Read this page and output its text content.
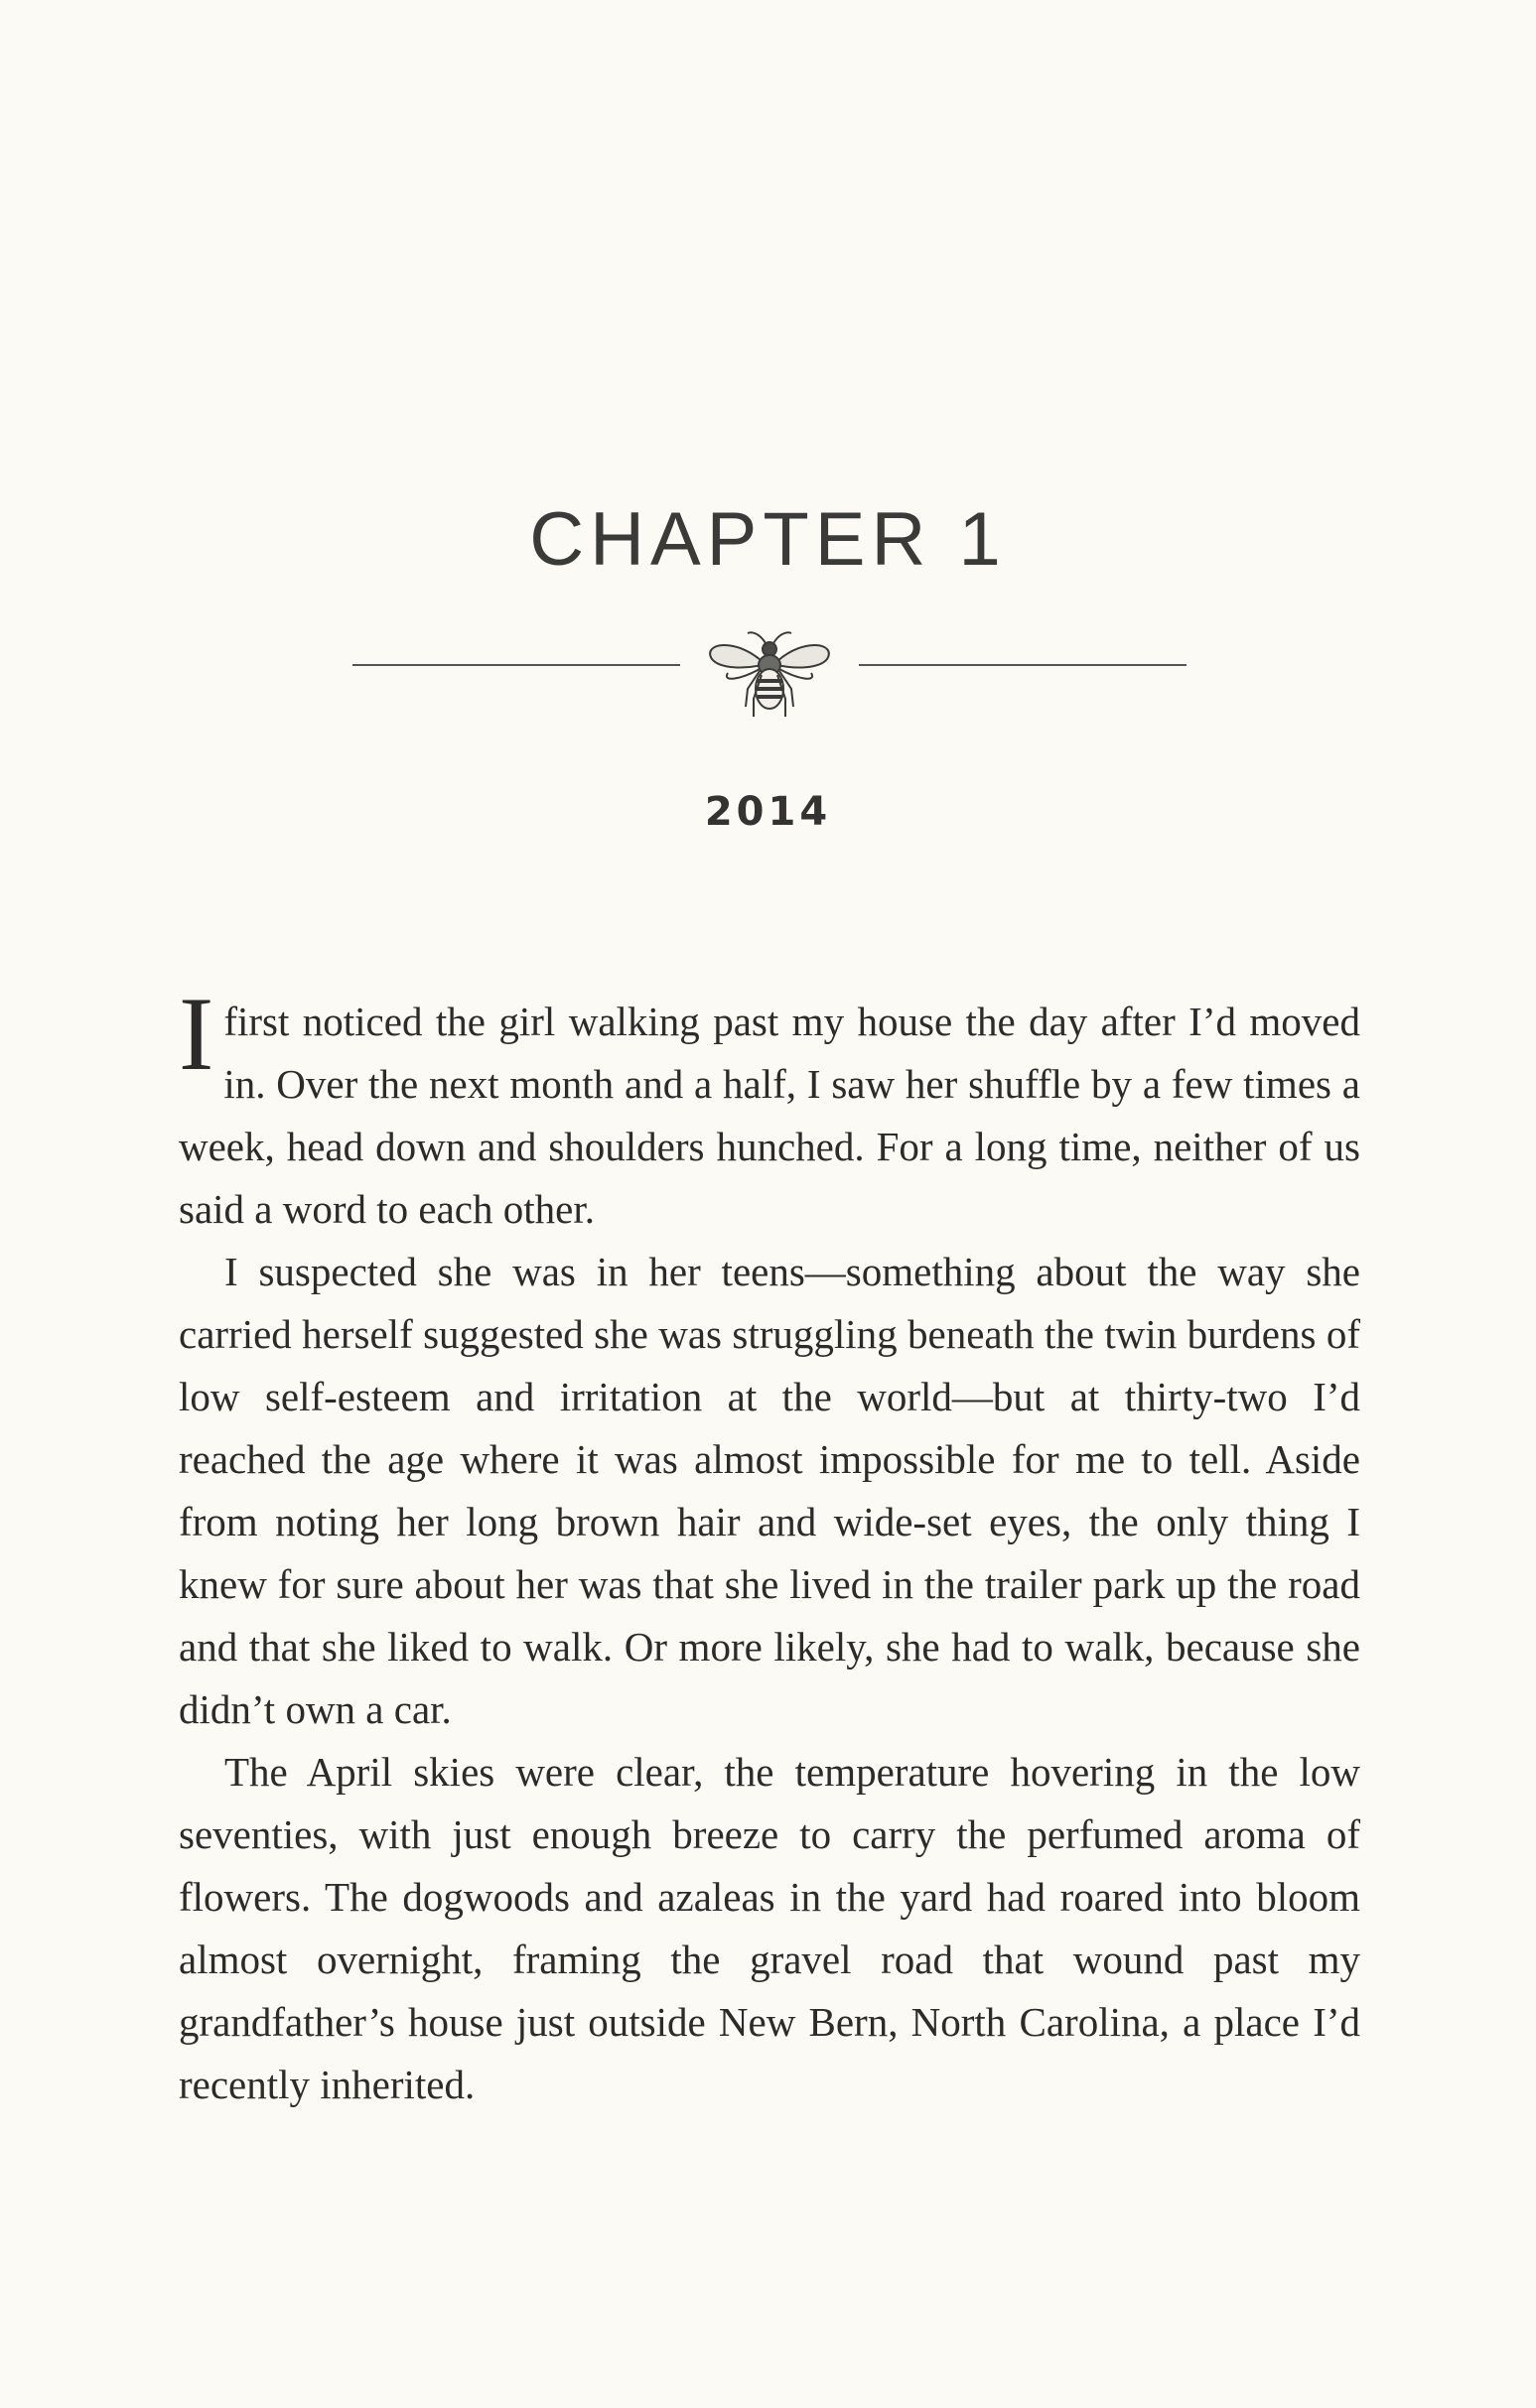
CHAPTER 1
2014

I first noticed the girl walking past my house the day after I’d moved in. Over the next month and a half, I saw her shuffle by a few times a week, head down and shoulders hunched. For a long time, neither of us said a word to each other.

I suspected she was in her teens—something about the way she carried herself suggested she was struggling beneath the twin burdens of low self-esteem and irritation at the world—but at thirty-two I’d reached the age where it was almost impossible for me to tell. Aside from noting her long brown hair and wide-set eyes, the only thing I knew for sure about her was that she lived in the trailer park up the road and that she liked to walk. Or more likely, she had to walk, because she didn’t own a car.

The April skies were clear, the temperature hovering in the low seventies, with just enough breeze to carry the perfumed aroma of flowers. The dogwoods and azaleas in the yard had roared into bloom almost overnight, framing the gravel road that wound past my grandfather’s house just outside New Bern, North Carolina, a place I’d recently inherited.
